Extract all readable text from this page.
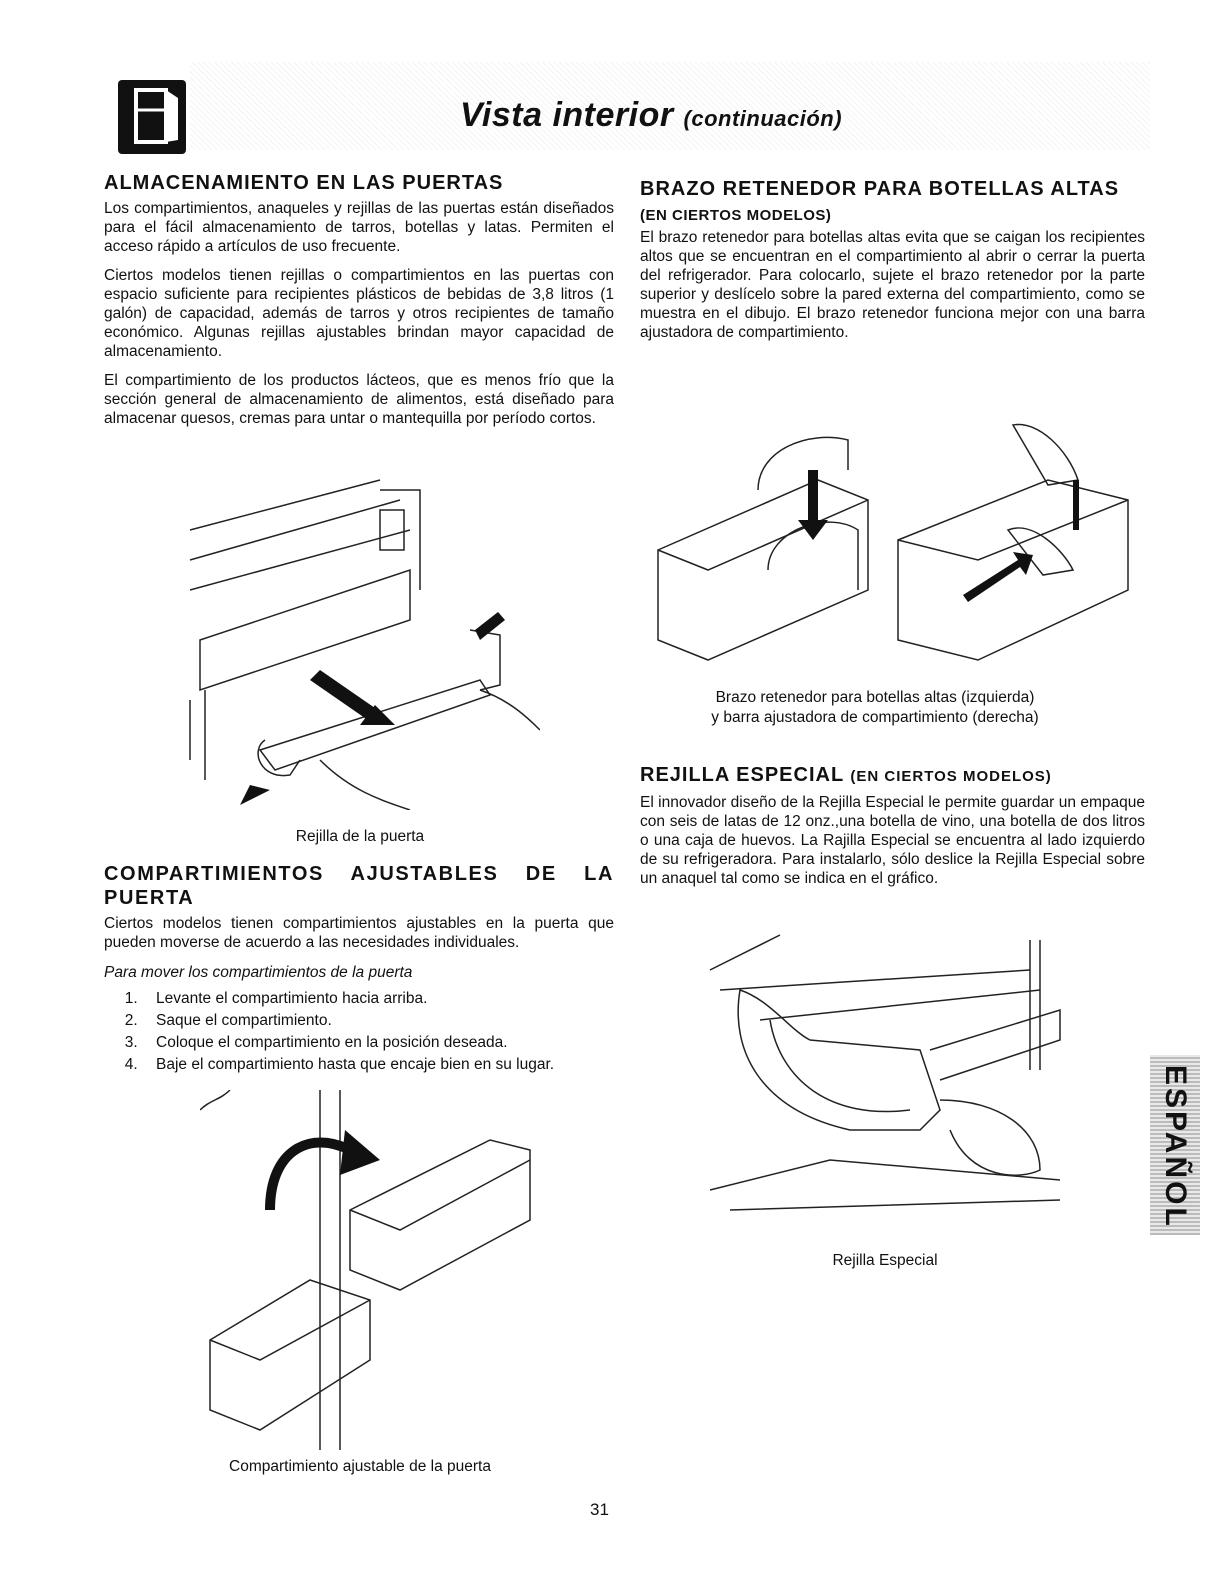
Vista interior (continuación)
ALMACENAMIENTO EN LAS PUERTAS

Los compartimientos, anaqueles y rejillas de las puertas están diseñados para el fácil almacenamiento de tarros, botellas y latas. Permiten el acceso rápido a artículos de uso frecuente.

Ciertos modelos tienen rejillas o compartimientos en las puertas con espacio suficiente para recipientes plásticos de bebidas de 3,8 litros (1 galón) de capacidad, además de tarros y otros recipientes de tamaño económico. Algunas rejillas ajustables brindan mayor capacidad de almacenamiento.

El compartimiento de los productos lácteos, que es menos frío que la sección general de almacenamiento de alimentos, está diseñado para almacenar quesos, cremas para untar o mantequilla por período cortos.

Rejilla de la puerta
COMPARTIMIENTOS AJUSTABLES DE LA PUERTA

Ciertos modelos tienen compartimientos ajustables en la puerta que pueden moverse de acuerdo a las necesidades individuales.

Para mover los compartimientos de la puerta
1. Levante el compartimiento hacia arriba.
2. Saque el compartimiento.
3. Coloque el compartimiento en la posición deseada.
4. Baje el compartimiento hasta que encaje bien en su lugar.
Compartimiento ajustable de la puerta
BRAZO RETENEDOR PARA BOTELLAS ALTAS
(EN CIERTOS MODELOS)

El brazo retenedor para botellas altas evita que se caigan los recipientes altos que se encuentran en el compartimiento al abrir o cerrar la puerta del refrigerador. Para colocarlo, sujete el brazo retenedor por la parte superior y deslícelo sobre la pared externa del compartimiento, como se muestra en el dibujo. El brazo retenedor funciona mejor con una barra ajustadora de compartimiento.

Brazo retenedor para botellas altas (izquierda)
y barra ajustadora de compartimiento (derecha)
REJILLA ESPECIAL (EN CIERTOS MODELOS)

El innovador diseño de la Rejilla Especial le permite guardar un empaque con seis de latas de 12 onz.,una botella de vino, una botella de dos litros o una caja de huevos. La Rajilla Especial se encuentra al lado izquierdo de su refrigeradora. Para instalarlo, sólo deslice la Rejilla Especial sobre un anaquel tal como se indica en el gráfico.

Rejilla Especial
ESPAÑOL
31
